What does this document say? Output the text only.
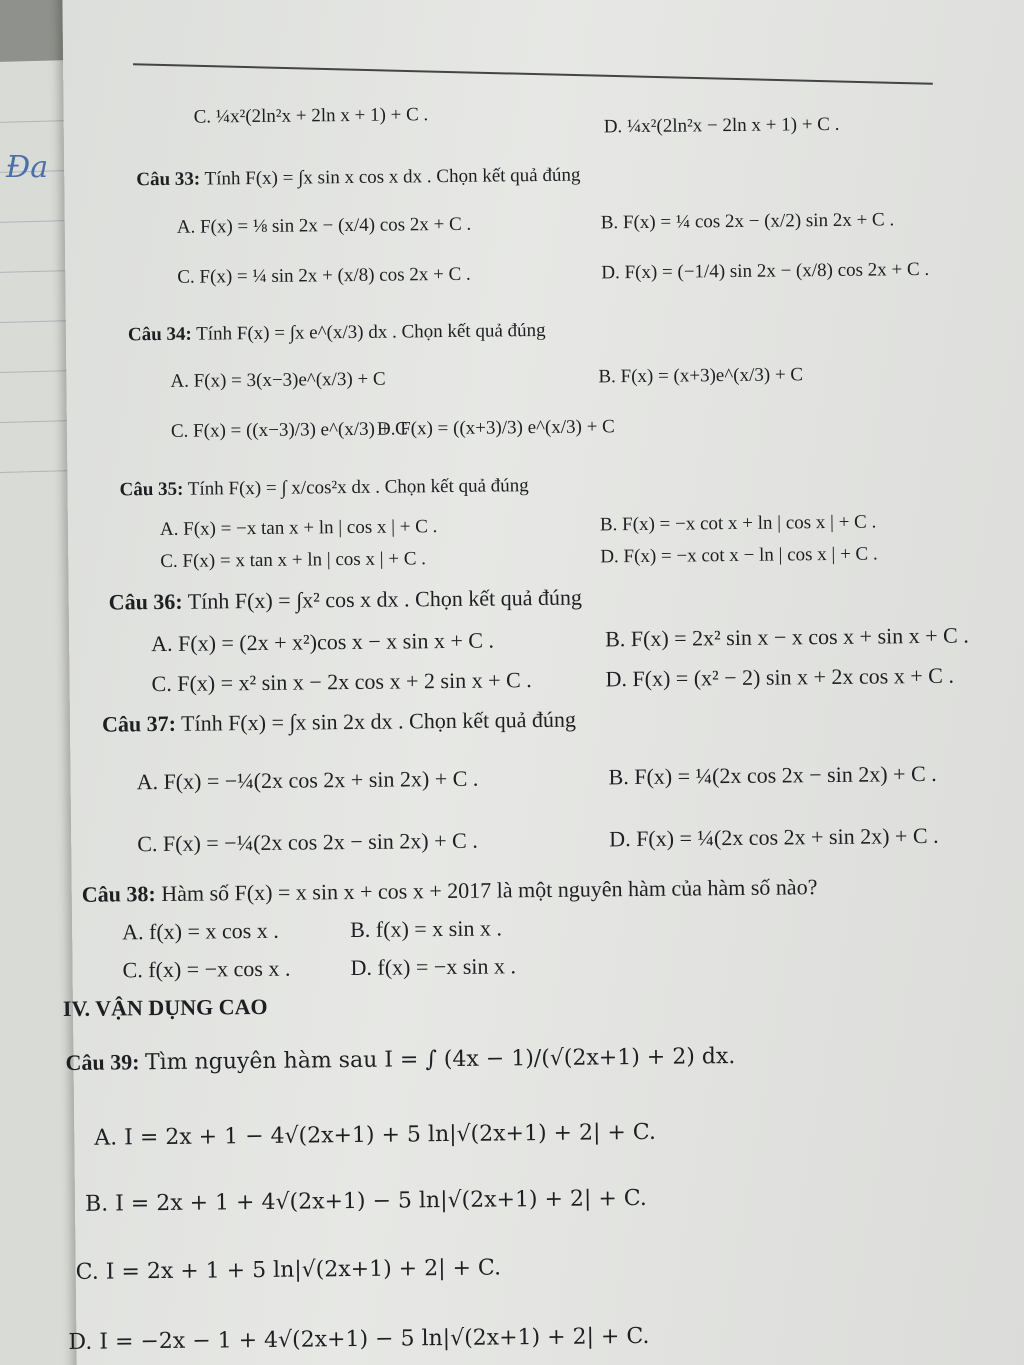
Đa
C. ¼x²(2ln²x + 2ln x + 1) + C .	D. ¼x²(2ln²x − 2ln x + 1) + C .
Câu 33: Tính F(x) = ∫x sin x cos x dx . Chọn kết quả đúng
A. F(x) = ⅛ sin 2x − (x/4) cos 2x + C .	B. F(x) = ¼ cos 2x − (x/2) sin 2x + C .
C. F(x) = ¼ sin 2x + (x/8) cos 2x + C .	D. F(x) = (−1/4) sin 2x − (x/8) cos 2x + C .
Câu 34: Tính F(x) = ∫x e^(x/3) dx . Chọn kết quả đúng
A. F(x) = 3(x−3)e^(x/3) + C	B. F(x) = (x+3)e^(x/3) + C
C. F(x) = ((x−3)/3) e^(x/3) + C
D. F(x) = ((x+3)/3) e^(x/3) + C
Câu 35: Tính F(x) = ∫ x/cos²x dx . Chọn kết quả đúng
A. F(x) = −x tan x + ln | cos x | + C .	B. F(x) = −x cot x + ln | cos x | + C .
C. F(x) = x tan x + ln | cos x | + C .	D. F(x) = −x cot x − ln | cos x | + C .
Câu 36: Tính F(x) = ∫x² cos x dx . Chọn kết quả đúng
A. F(x) = (2x + x²)cos x − x sin x + C .	B. F(x) = 2x² sin x − x cos x + sin x + C .
C. F(x) = x² sin x − 2x cos x + 2 sin x + C .	D. F(x) = (x² − 2) sin x + 2x cos x + C .
Câu 37: Tính F(x) = ∫x sin 2x dx . Chọn kết quả đúng
A. F(x) = −¼(2x cos 2x + sin 2x) + C .	B. F(x) = ¼(2x cos 2x − sin 2x) + C .
C. F(x) = −¼(2x cos 2x − sin 2x) + C .	D. F(x) = ¼(2x cos 2x + sin 2x) + C .
Câu 38: Hàm số F(x) = x sin x + cos x + 2017 là một nguyên hàm của hàm số nào?
A. f(x) = x cos x .	B. f(x) = x sin x .
C. f(x) = −x cos x .	D. f(x) = −x sin x .
IV. VẬN DỤNG CAO
Câu 39: Tìm nguyên hàm sau I = ∫ (4x − 1)/(√(2x+1) + 2) dx.
A. I = 2x + 1 − 4√(2x+1) + 5 ln|√(2x+1) + 2| + C.
B. I = 2x + 1 + 4√(2x+1) − 5 ln|√(2x+1) + 2| + C.
C. I = 2x + 1 + 5 ln|√(2x+1) + 2| + C.
D. I = −2x − 1 + 4√(2x+1) − 5 ln|√(2x+1) + 2| + C.
